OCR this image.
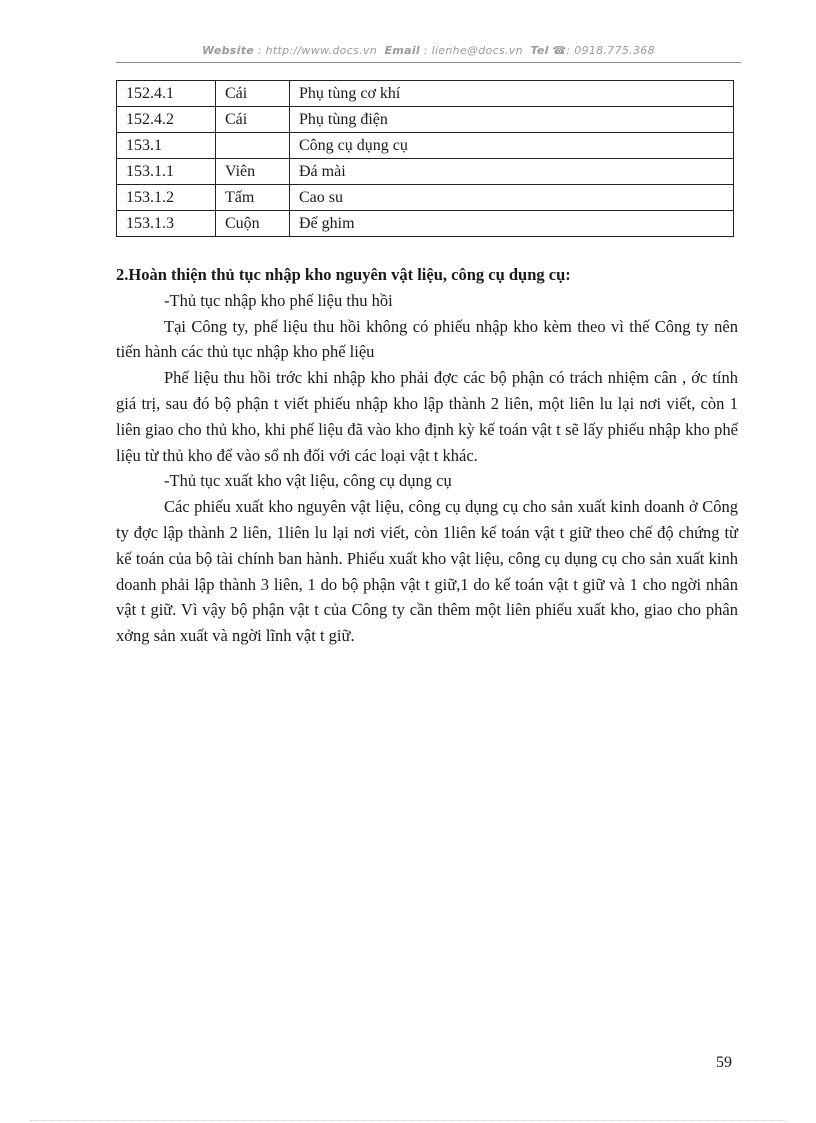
Website : http://www.docs.vn Email : lienhe@docs.vn Tel ☎: 0918.775.368
152.4.1	Cái	Phụ tùng cơ khí
152.4.2	Cái	Phụ tùng điện
153.1		Công cụ dụng cụ
153.1.1	Viên	Đá mài
153.1.2	Tấm	Cao su
153.1.3	Cuộn	Đế ghim

2.Hoàn thiện thủ tục nhập kho nguyên vật liệu, công cụ dụng cụ:

-Thủ tục nhập kho phế liệu thu hồi

Tại Công ty, phế liệu thu hồi không có phiếu nhập kho kèm theo vì thế Công ty nên tiến hành các thủ tục nhập kho phế liệu

Phế liệu thu hồi trớc khi nhập kho phải đợc các bộ phận có trách nhiệm cân , ớc tính giá trị, sau đó bộ phận t viết phiếu nhập kho lập thành 2 liên, một liên lu lại nơi viết, còn 1 liên giao cho thủ kho, khi phế liệu đã vào kho định kỳ kế toán vật t sẽ lấy phiếu nhập kho phế liệu từ thủ kho để vào sổ nh đối với các loại vật t khác.

-Thủ tục xuất kho vật liệu, công cụ dụng cụ

Các phiếu xuất kho nguyên vật liệu, công cụ dụng cụ cho sản xuất kinh doanh ở Công ty đợc lập thành 2 liên, 1liên lu lại nơi viết, còn 1liên kế toán vật t giữ theo chế độ chứng từ kế toán của bộ tài chính ban hành. Phiếu xuất kho vật liệu, công cụ dụng cụ cho sản xuất kinh doanh phải lập thành 3 liên, 1 do bộ phận vật t giữ,1 do kế toán vật t giữ và 1 cho ngời nhân vật t giữ. Vì vậy bộ phận vật t của Công ty cần thêm một liên phiếu xuất kho, giao cho phân xởng sản xuất và ngời lĩnh vật t giữ.

59
